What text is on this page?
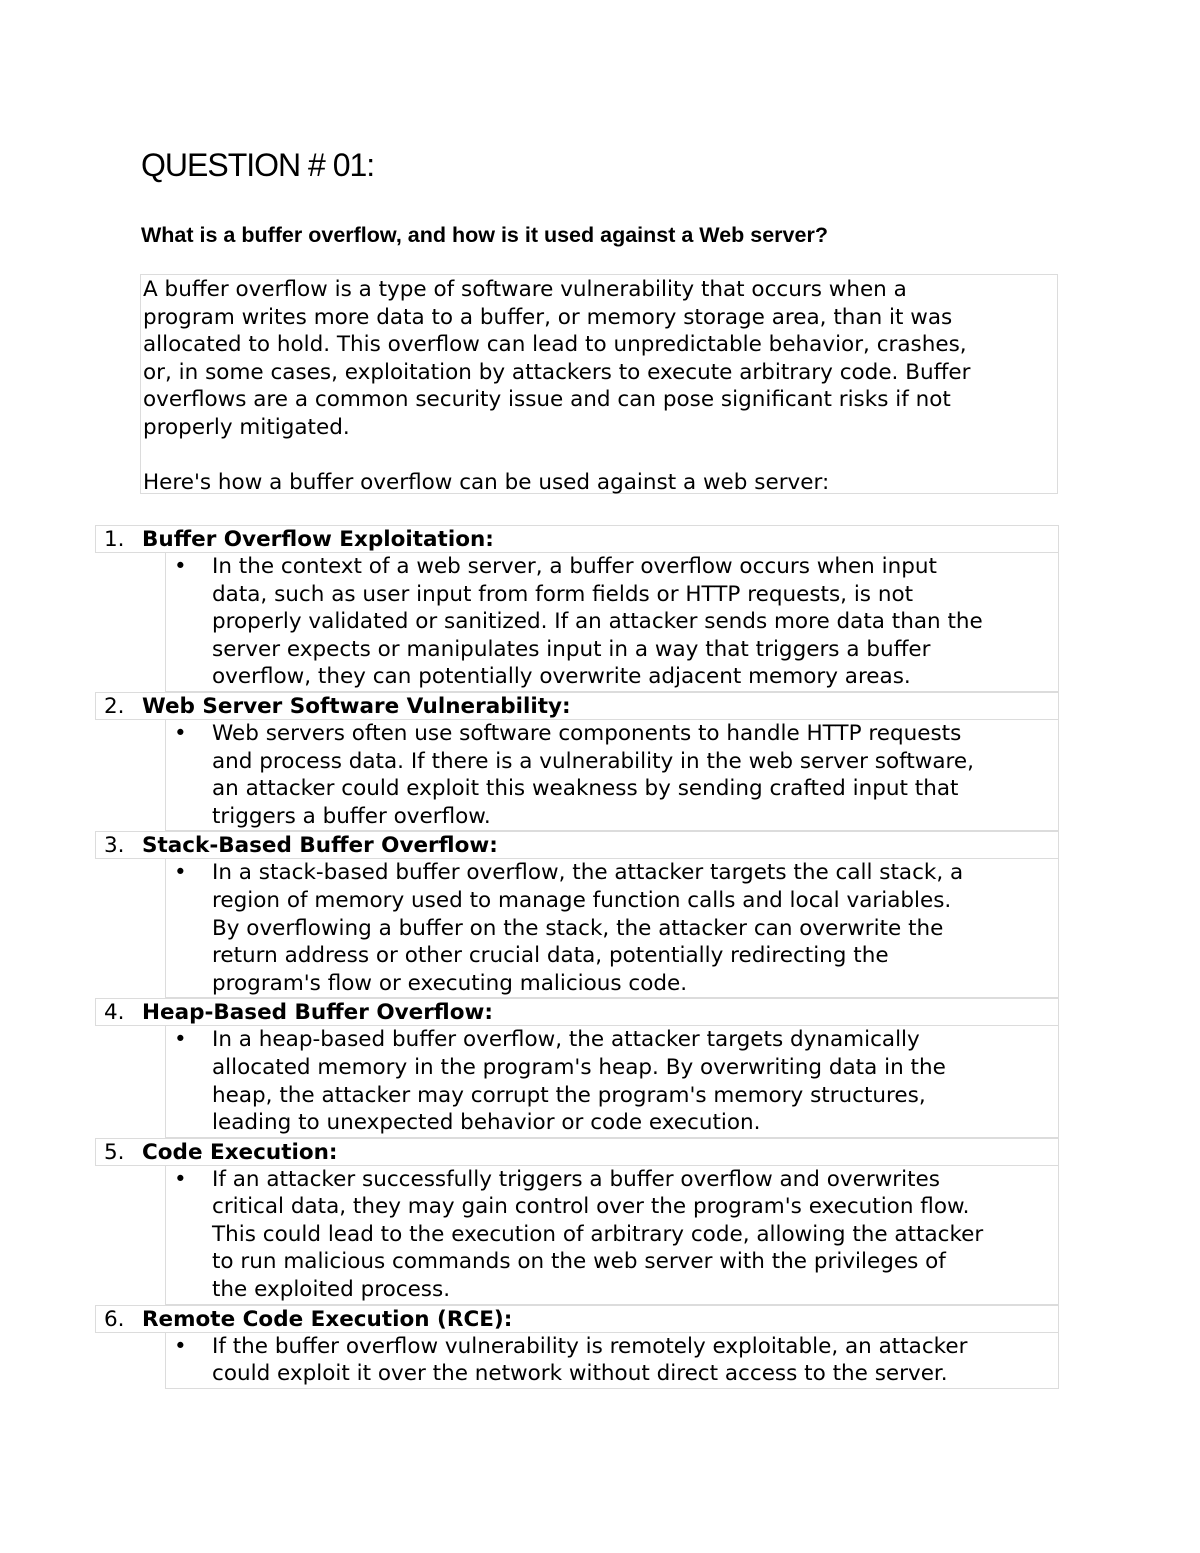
QUESTION # 01:
What is a buffer overflow, and how is it used against a Web server?

A buffer overflow is a type of software vulnerability that occurs when a
program writes more data to a buffer, or memory storage area, than it was
allocated to hold. This overflow can lead to unpredictable behavior, crashes,
or, in some cases, exploitation by attackers to execute arbitrary code. Buffer
overflows are a common security issue and can pose significant risks if not
properly mitigated.

Here's how a buffer overflow can be used against a web server:

1. Buffer Overflow Exploitation:
• In the context of a web server, a buffer overflow occurs when input
data, such as user input from form fields or HTTP requests, is not
properly validated or sanitized. If an attacker sends more data than the
server expects or manipulates input in a way that triggers a buffer
overflow, they can potentially overwrite adjacent memory areas.

2. Web Server Software Vulnerability:
• Web servers often use software components to handle HTTP requests
and process data. If there is a vulnerability in the web server software,
an attacker could exploit this weakness by sending crafted input that
triggers a buffer overflow.

3. Stack-Based Buffer Overflow:
• In a stack-based buffer overflow, the attacker targets the call stack, a
region of memory used to manage function calls and local variables.
By overflowing a buffer on the stack, the attacker can overwrite the
return address or other crucial data, potentially redirecting the
program's flow or executing malicious code.

4. Heap-Based Buffer Overflow:
• In a heap-based buffer overflow, the attacker targets dynamically
allocated memory in the program's heap. By overwriting data in the
heap, the attacker may corrupt the program's memory structures,
leading to unexpected behavior or code execution.

5. Code Execution:
• If an attacker successfully triggers a buffer overflow and overwrites
critical data, they may gain control over the program's execution flow.
This could lead to the execution of arbitrary code, allowing the attacker
to run malicious commands on the web server with the privileges of
the exploited process.

6. Remote Code Execution (RCE):
• If the buffer overflow vulnerability is remotely exploitable, an attacker
could exploit it over the network without direct access to the server.
